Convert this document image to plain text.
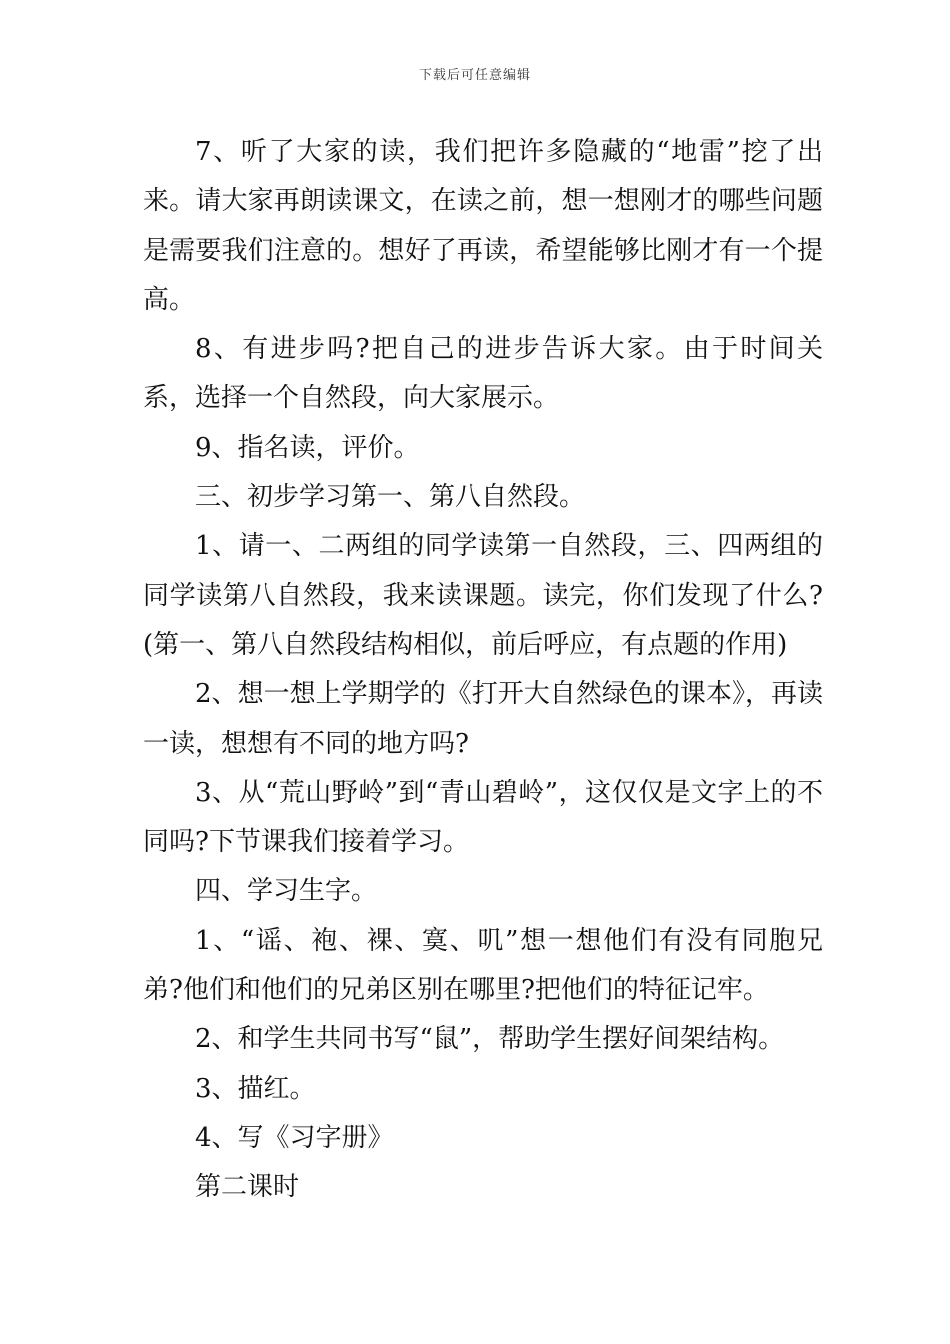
下载后可任意编辑

7、听了大家的读，我们把许多隐藏的“地雷”挖了出来。请大家再朗读课文，在读之前，想一想刚才的哪些问题是需要我们注意的。想好了再读，希望能够比刚才有一个提高。

8、有进步吗?把自己的进步告诉大家。由于时间关系，选择一个自然段，向大家展示。

9、指名读，评价。

三、初步学习第一、第八自然段。

1、请一、二两组的同学读第一自然段，三、四两组的同学读第八自然段，我来读课题。读完，你们发现了什么?(第一、第八自然段结构相似，前后呼应，有点题的作用)

2、想一想上学期学的《打开大自然绿色的课本》，再读一读，想想有不同的地方吗?

3、从“荒山野岭”到“青山碧岭”，这仅仅是文字上的不同吗?下节课我们接着学习。

四、学习生字。

1、“谣、袍、裸、寞、叽”想一想他们有没有同胞兄弟?他们和他们的兄弟区别在哪里?把他们的特征记牢。

2、和学生共同书写“鼠”，帮助学生摆好间架结构。

3、描红。

4、写《习字册》

第二课时
